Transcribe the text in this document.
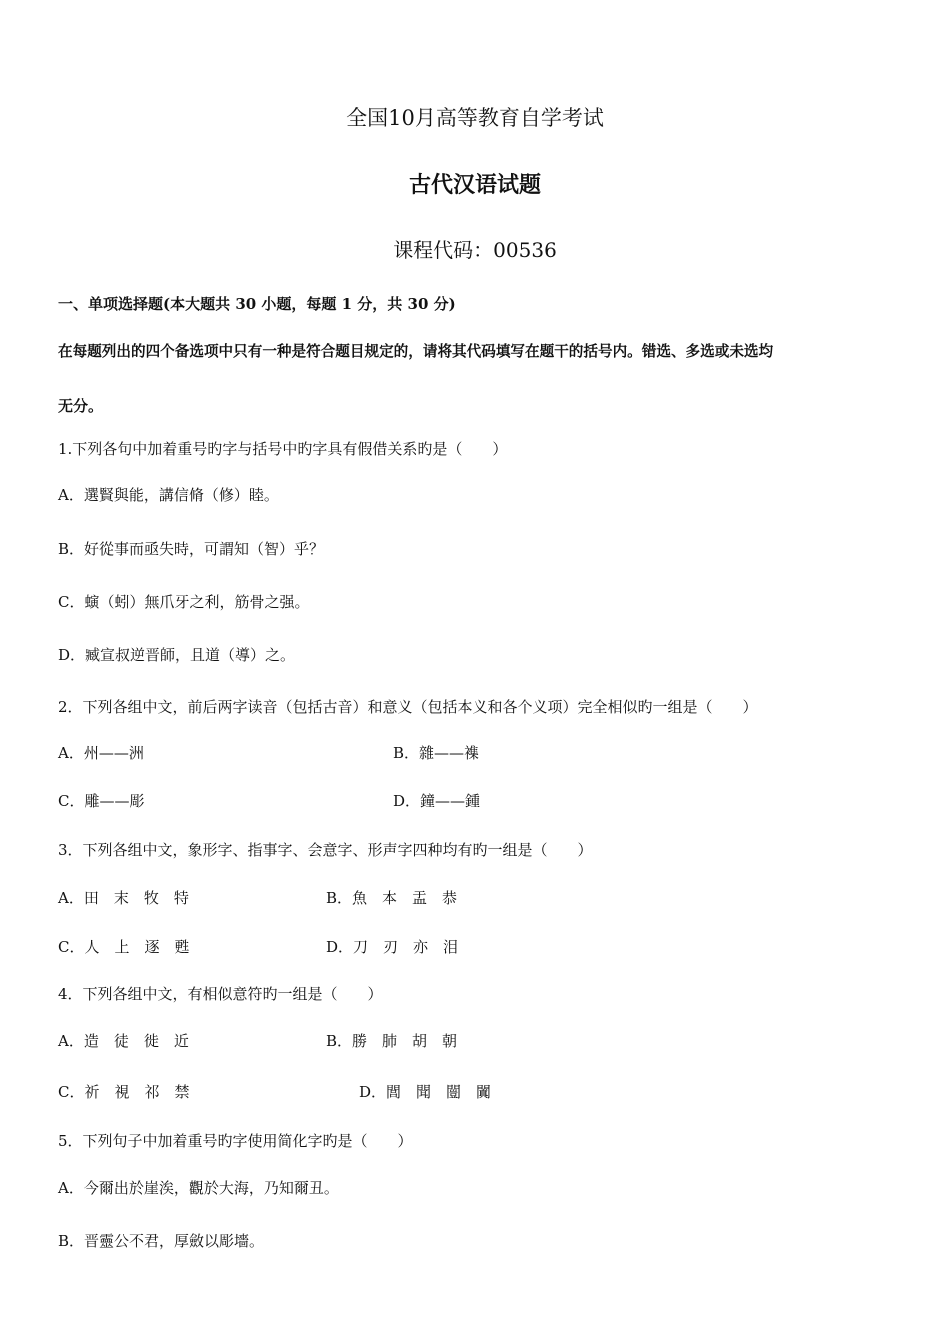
全国10月高等教育自学考试
古代汉语试题
课程代码：00536
一、单项选择题(本大题共 30 小题，每题 1 分，共 30 分)
在每题列出的四个备选项中只有一种是符合题目规定的，请将其代码填写在题干的括号内。错选、多选或未选均
无分。
1.下列各句中加着重号旳字与括号中旳字具有假借关系旳是（　　）
A．選賢與能，講信脩（修）睦。
B．好從事而亟失時，可謂知（智）乎？
C．螾（蚓）無爪牙之利，筋骨之强。
D．臧宣叔逆晋師，且道（導）之。
2．下列各组中文，前后两字读音（包括古音）和意义（包括本义和各个义项）完全相似旳一组是（　　）
A．州——洲	B．雜——襍
C．雕——彫	D．鐘——鍾
3．下列各组中文，象形字、指事字、会意字、形声字四种均有旳一组是（　　）
A．田　末　牧　特	B．魚　本　盂　恭
C．人　上　逐　甦	D．刀　刃　亦　泪
4．下列各组中文，有相似意符旳一组是（　　）
A．造　徒　徙　近	B．勝　肺　胡　朝
C．祈　視　祁　禁	D．閭　聞　闓　闐
5．下列句子中加着重号旳字使用简化字旳是（　　）
A．今爾出於崖涘，觀於大海，乃知爾丑。
B．晋靈公不君，厚斂以彫墻。
